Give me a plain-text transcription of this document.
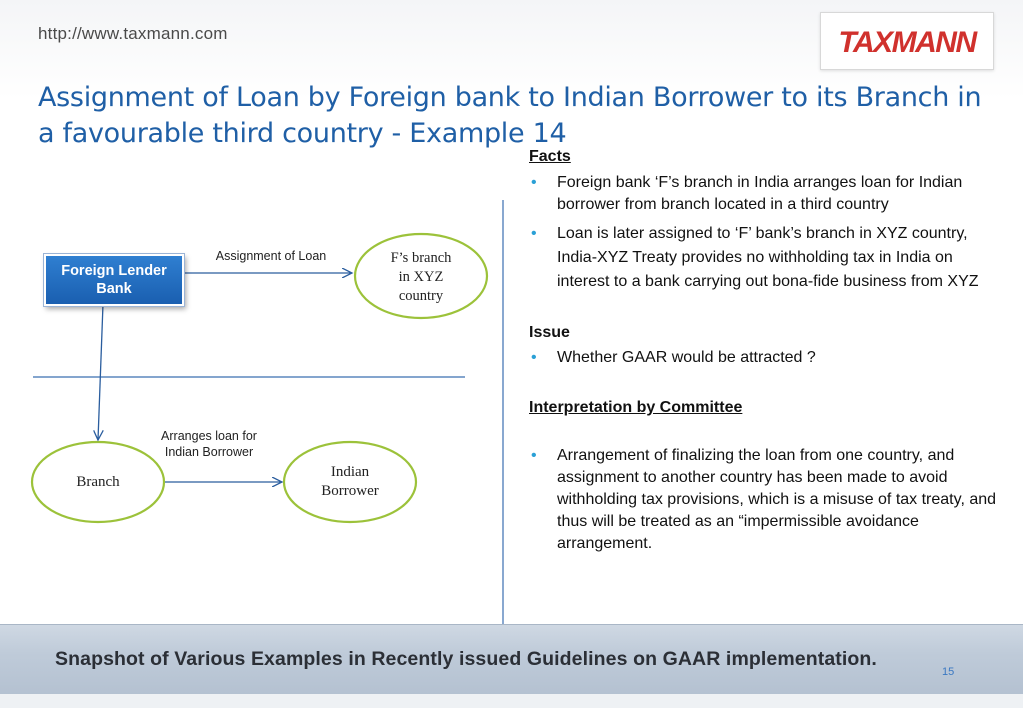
http://www.taxmann.com	TAXMANN
Assignment of Loan by Foreign bank to Indian Borrower to its Branch in a favourable third country - Example 14
Foreign Lender Bank
F’s branch
in XYZ
country
Branch
Indian
Borrower
Assignment of Loan
Arranges loan for
Indian Borrower
Facts
• Foreign bank ‘F’s branch in India arranges loan for Indian borrower from branch located in a third country
• Loan is later assigned to ‘F’ bank’s branch in XYZ country, India-XYZ Treaty provides no withholding tax in India on interest to a bank carrying out bona-fide business from XYZ
Issue
• Whether GAAR would be attracted ?
Interpretation by Committee
• Arrangement of finalizing the loan from one country, and assignment to another country has been made to avoid withholding tax provisions, which is a misuse of tax treaty, and thus will be treated as an “impermissible avoidance arrangement.
Snapshot of Various Examples in Recently issued Guidelines on GAAR implementation.
15
